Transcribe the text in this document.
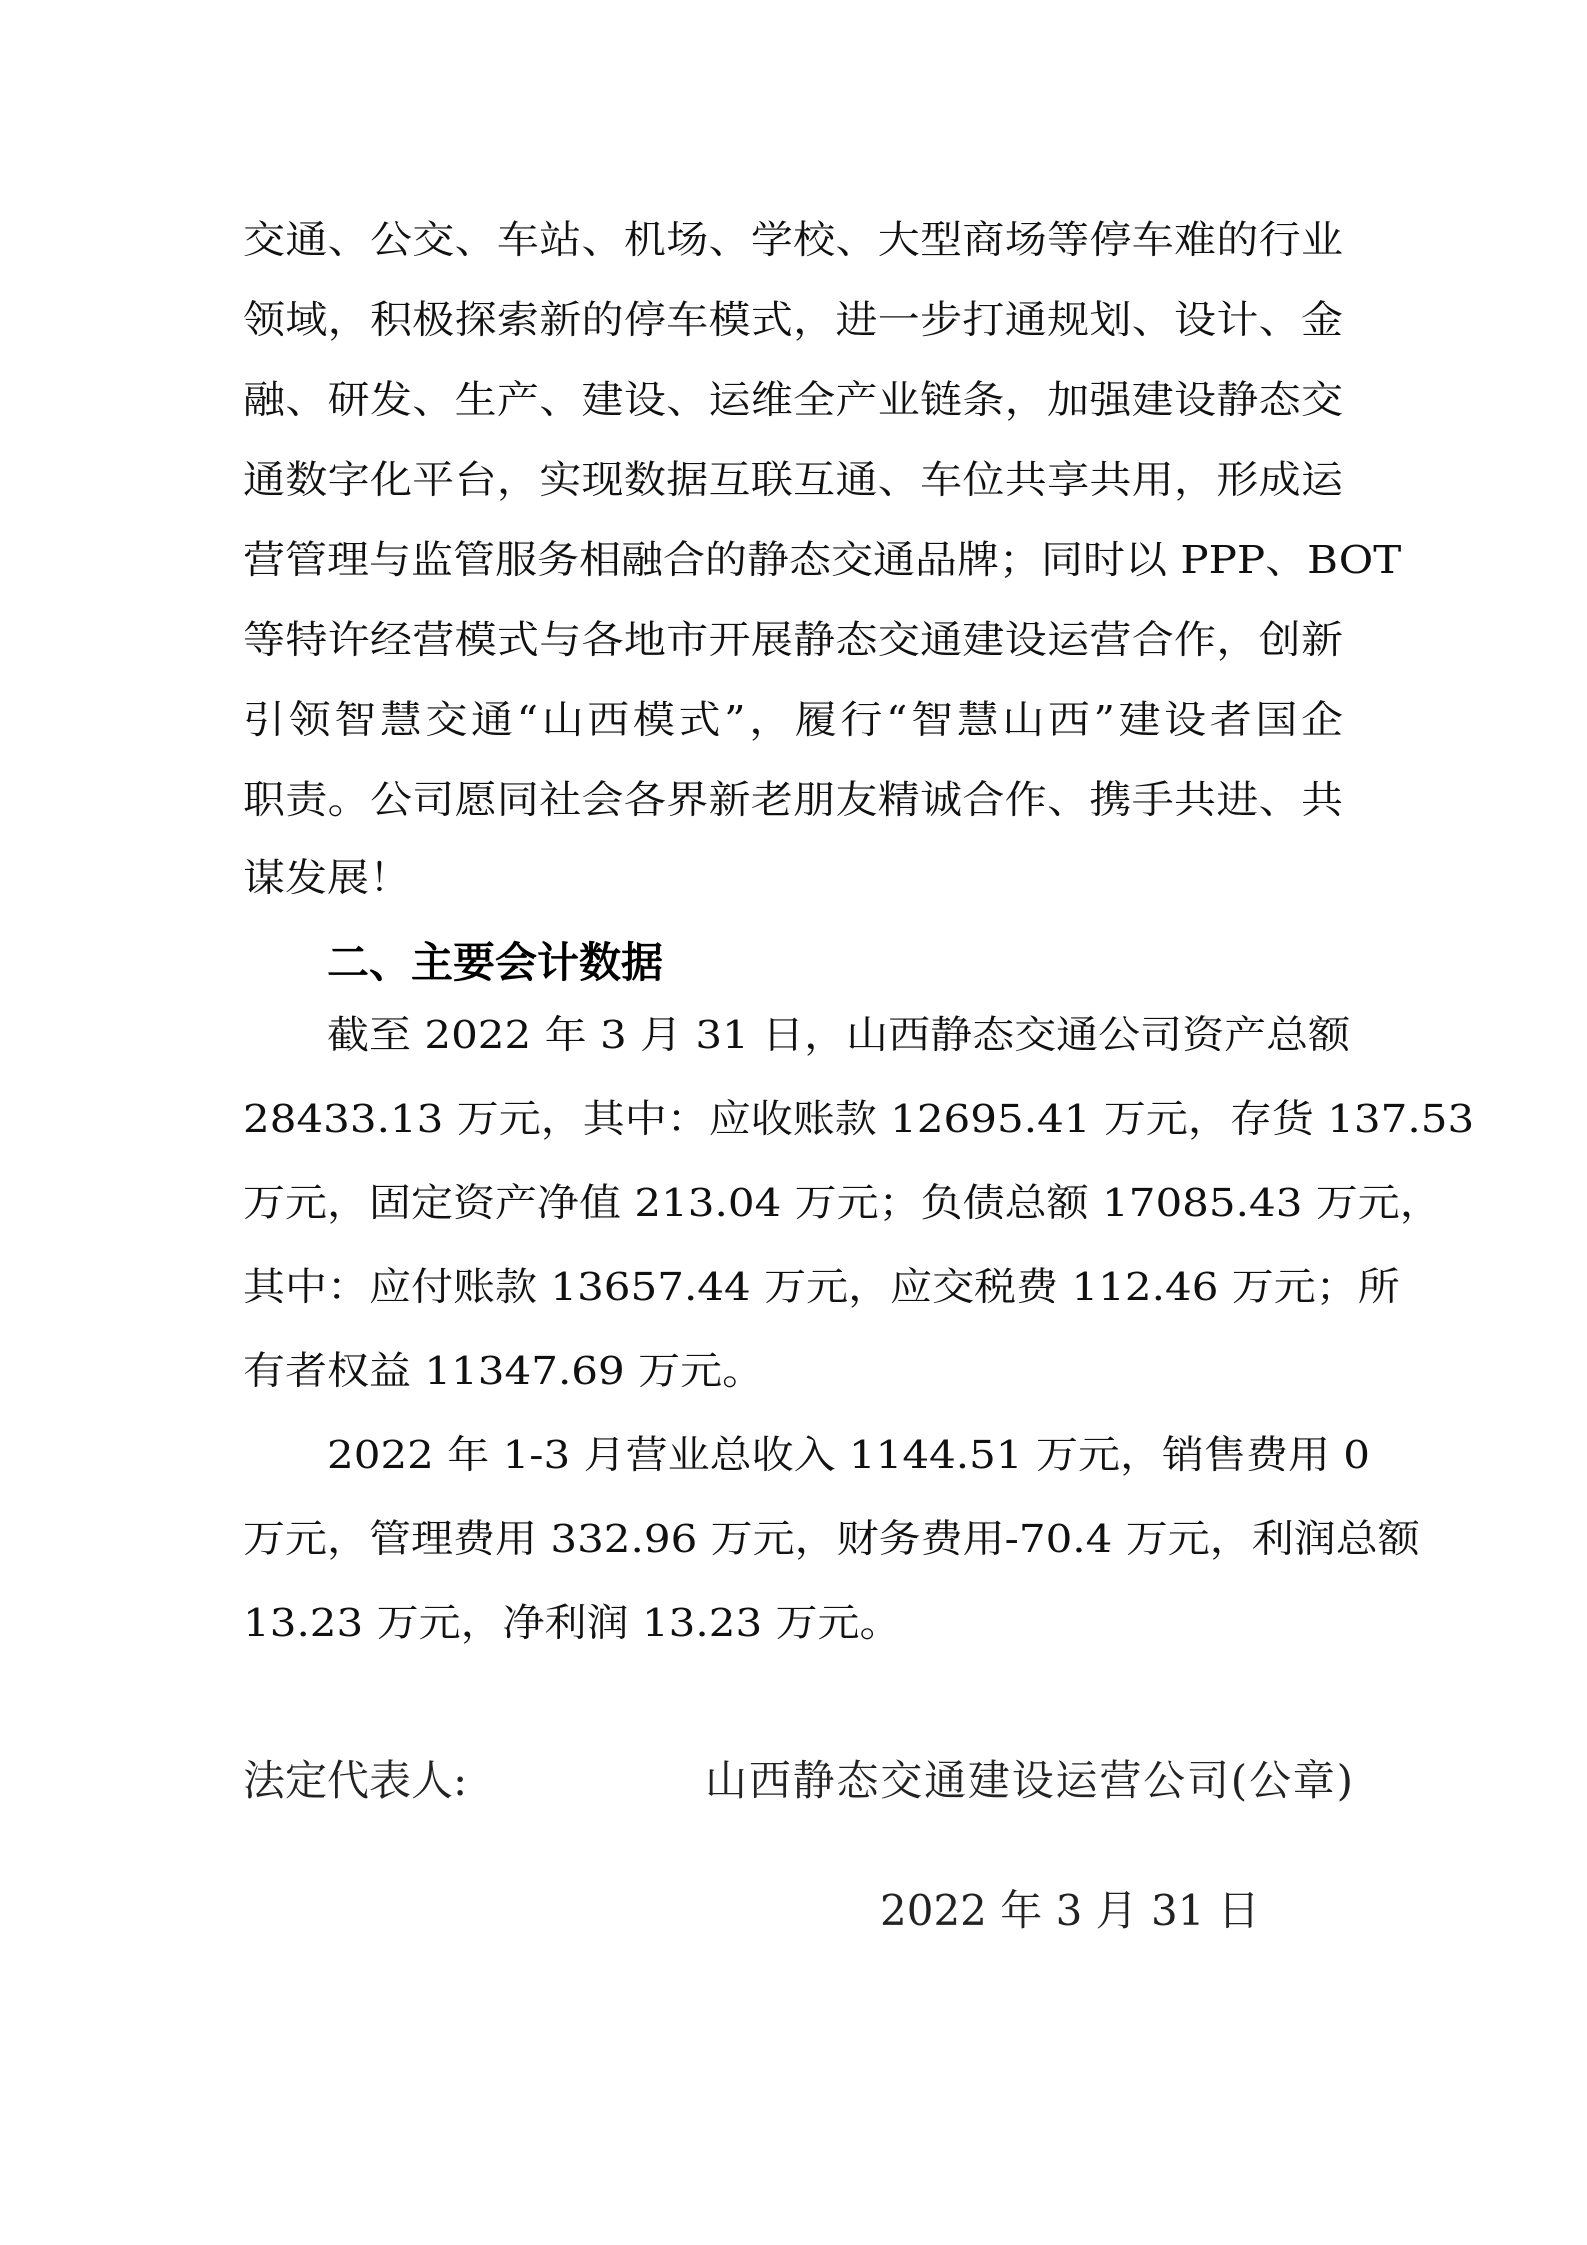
交通、公交、车站、机场、学校、大型商场等停车难的行业
领域，积极探索新的停车模式，进一步打通规划、设计、金
融、研发、生产、建设、运维全产业链条，加强建设静态交
通数字化平台，实现数据互联互通、车位共享共用，形成运
营管理与监管服务相融合的静态交通品牌；同时以 PPP、BOT
等特许经营模式与各地市开展静态交通建设运营合作，创新
引领智慧交通“山西模式”，履行“智慧山西”建设者国企
职责。公司愿同社会各界新老朋友精诚合作、携手共进、共
谋发展！
二、主要会计数据
截至 2022 年 3 月 31 日，山西静态交通公司资产总额
28433.13 万元，其中：应收账款 12695.41 万元，存货 137.53
万元，固定资产净值 213.04 万元；负债总额 17085.43 万元，
其中：应付账款 13657.44 万元，应交税费 112.46 万元；所
有者权益 11347.69 万元。
2022 年 1-3 月营业总收入 1144.51 万元，销售费用 0
万元，管理费用 332.96 万元，财务费用-70.4 万元，利润总额
13.23 万元，净利润 13.23 万元。
法定代表人:	山西静态交通建设运营公司(公章)
2022 年 3 月 31 日
